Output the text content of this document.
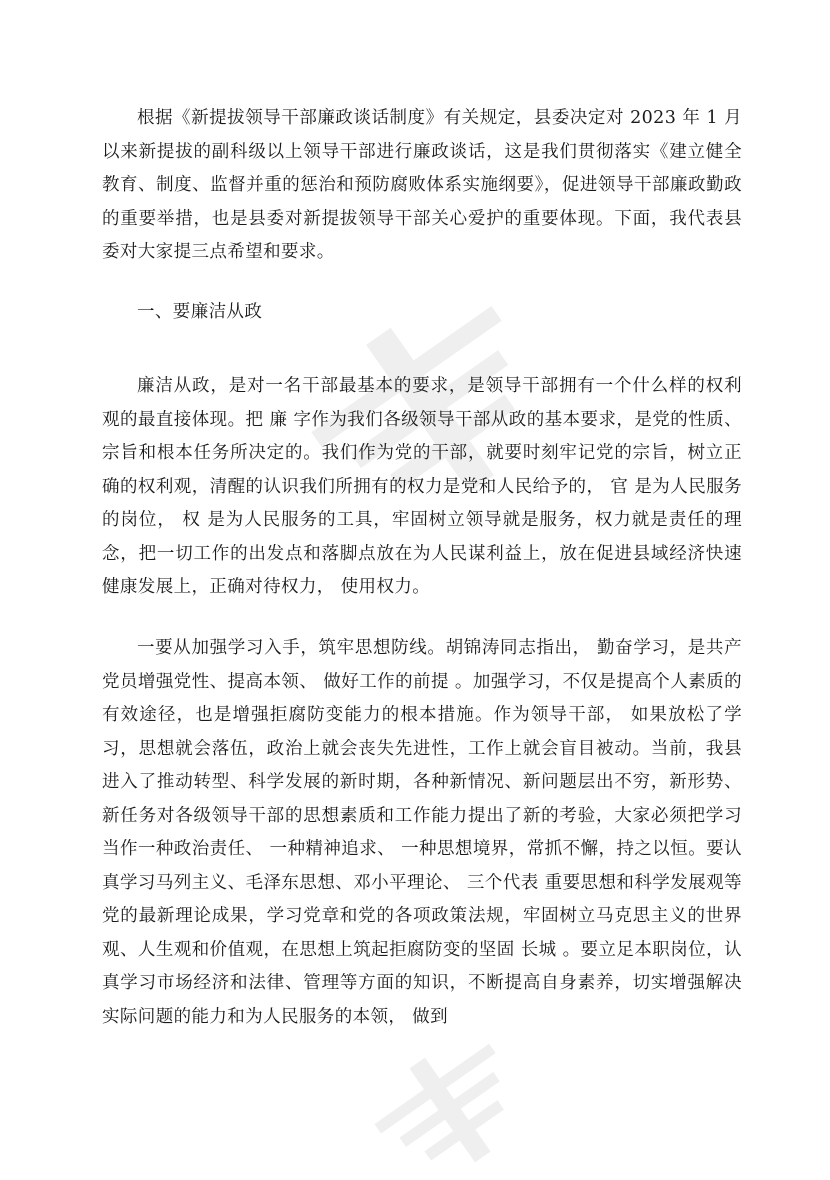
根据《新提拔领导干部廉政谈话制度》有关规定，县委决定对 2023 年 1 月以来新提拔的副科级以上领导干部进行廉政谈话，这是我们贯彻落实《建立健全教育、制度、监督并重的惩治和预防腐败体系实施纲要》，促进领导干部廉政勤政的重要举措，也是县委对新提拔领导干部关心爱护的重要体现。下面，我代表县委对大家提三点希望和要求。

一、要廉洁从政

廉洁从政，是对一名干部最基本的要求，是领导干部拥有一个什么样的权利观的最直接体现。把 廉 字作为我们各级领导干部从政的基本要求，是党的性质、宗旨和根本任务所决定的。我们作为党的干部，就要时刻牢记党的宗旨，树立正确的权利观，清醒的认识我们所拥有的权力是党和人民给予的， 官 是为人民服务的岗位， 权 是为人民服务的工具，牢固树立领导就是服务，权力就是责任的理念，把一切工作的出发点和落脚点放在为人民谋利益上，放在促进县域经济快速健康发展上，正确对待权力， 使用权力。

一要从加强学习入手，筑牢思想防线。胡锦涛同志指出， 勤奋学习，是共产党员增强党性、提高本领、 做好工作的前提 。加强学习，不仅是提高个人素质的有效途径，也是增强拒腐防变能力的根本措施。作为领导干部， 如果放松了学习，思想就会落伍，政治上就会丧失先进性，工作上就会盲目被动。当前，我县进入了推动转型、科学发展的新时期，各种新情况、新问题层出不穷，新形势、新任务对各级领导干部的思想素质和工作能力提出了新的考验，大家必须把学习当作一种政治责任、 一种精神追求、 一种思想境界，常抓不懈，持之以恒。要认真学习马列主义、毛泽东思想、邓小平理论、 三个代表 重要思想和科学发展观等党的最新理论成果，学习党章和党的各项政策法规，牢固树立马克思主义的世界观、人生观和价值观，在思想上筑起拒腐防变的坚固 长城 。要立足本职岗位，认真学习市场经济和法律、管理等方面的知识，不断提高自身素养，切实增强解决实际问题的能力和为人民服务的本领， 做到
